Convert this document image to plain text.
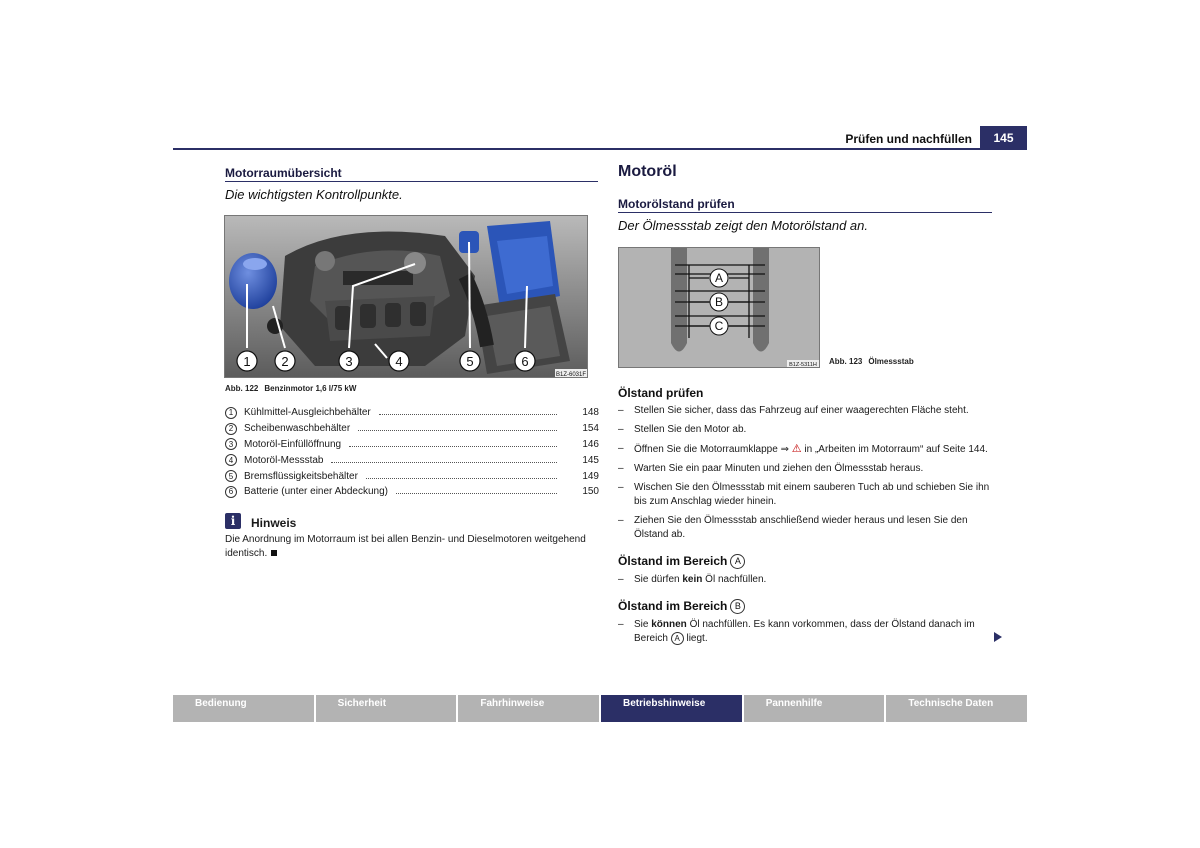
Prüfen und nachfüllen	145
Motorraumübersicht
Die wichtigsten Kontrollpunkte.
1 2	3	4	5	6
B1Z-6031F
Abb. 122 Benzinmotor 1,6 l/75 kW
1	Kühlmittel-Ausgleichbehälter	148
2	Scheibenwaschbehälter	154
3	Motoröl-Einfüllöffnung	146
4	Motoröl-Messstab	145
5	Bremsflüssigkeitsbehälter	149
6	Batterie (unter einer Abdeckung)	150
i	Hinweis
Die Anordnung im Motorraum ist bei allen Benzin- und Dieselmotoren weitgehend identisch.
Motoröl
Motorölstand prüfen
Der Ölmessstab zeigt den Motorölstand an.
A
B
C
B1Z-5311H Abb. 123 Ölmessstab
Ölstand prüfen
– Stellen Sie sicher, dass das Fahrzeug auf einer waagerechten Fläche steht.
– Stellen Sie den Motor ab.
– Öffnen Sie die Motorraumklappe ⇒ ⚠ in „Arbeiten im Motorraum“ auf Seite 144.
– Warten Sie ein paar Minuten und ziehen den Ölmessstab heraus.
– Wischen Sie den Ölmessstab mit einem sauberen Tuch ab und schieben Sie ihn bis zum Anschlag wieder hinein.
– Ziehen Sie den Ölmessstab anschließend wieder heraus und lesen Sie den Ölstand ab.
Ölstand im Bereich A
– Sie dürfen kein Öl nachfüllen.
Ölstand im Bereich B
– Sie können Öl nachfüllen. Es kann vorkommen, dass der Ölstand danach im Bereich A liegt.
Bedienung	Sicherheit	Fahrhinweise	Betriebshinweise	Pannenhilfe	Technische Daten
